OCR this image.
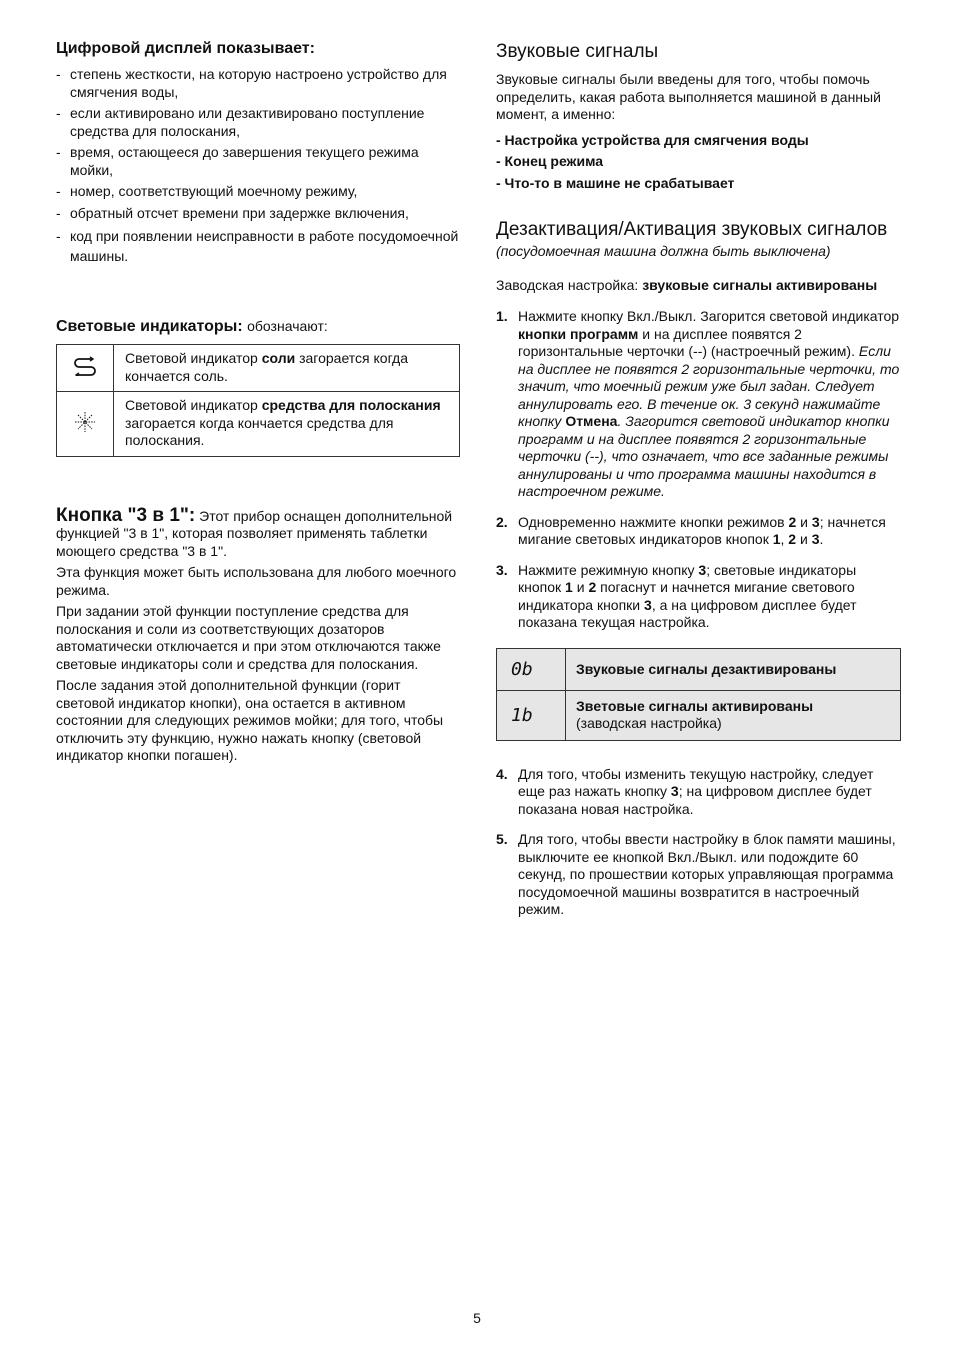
Цифровой дисплей показывает:
- степень жесткости, на которую настроено устройство для смягчения воды,
- если активировано или дезактивировано поступление средства для полоскания,
- время, остающееся до завершения текущего режима мойки,
- номер, соответствующий моечному режиму,
- обратный отсчет времени при задержке включения,
- код при появлении неисправности в работе посудомоечной машины.
Световые индикаторы: обозначают:
	Световой индикатор соли загорается когда кончается соль.
	Световой индикатор средства для полоскания загорается когда кончается средства для полоскания.

Кнопка "3 в 1": Этот прибор оснащен дополнительной функцией "3 в 1", которая позволяет применять таблетки моющего средства "3 в 1".

Эта функция может быть использована для любого моечного режима.

При задании этой функции поступление средства для полоскания и соли из соответствующих дозаторов автоматически отключается и при этом отключаются также световые индикаторы соли и средства для полоскания.

После задания этой дополнительной функции (горит световой индикатор кнопки), она остается в активном состоянии для следующих режимов мойки; для того, чтобы отключить эту функцию, нужно нажать кнопку (световой индикатор кнопки погашен).

Звуковые сигналы

Звуковые сигналы были введены для того, чтобы помочь определить, какая работа выполняется машиной в данный момент, а именно:

- Настройка устройства для смягчения воды

- Конец режима

- Что-то в машине не срабатывает

Дезактивация/Активация звуковых сигналов

(посудомоечная машина должна быть выключена)

Заводская настройка: звуковые сигналы активированы

1. Нажмите кнопку Вкл./Выкл. Загорится световой индикатор кнопки программ и на дисплее появятся 2 горизонтальные черточки (--) (настроечный режим). Если на дисплее не появятся 2 горизонтальные черточки, то значит, что моечный режим уже был задан. Следует аннулировать его. В течение ок. 3 секунд нажимайте кнопку Отмена. Загорится световой индикатор кнопки программ и на дисплее появятся 2 горизонтальные черточки (--), что означает, что все заданные режимы аннулированы и что программа машины находится в настроечном режиме.
2. Одновременно нажмите кнопки режимов 2 и 3; начнется мигание световых индикаторов кнопок 1, 2 и 3.
3. Нажмите режимную кнопку 3; световые индикаторы кнопок 1 и 2 погаснут и начнется мигание светового индикатора кнопки 3, а на цифровом дисплее будет показана текущая настройка.
0b	Звуковые сигналы дезактивированы
1b	Звeтовые сигналы активированы
(заводская настройка)
4. Для того, чтобы изменить текущую настройку, следует еще раз нажать кнопку 3; на цифровом дисплее будет показана новая настройка.
5. Для того, чтобы ввести настройку в блок памяти машины, выключите ее кнопкой Вкл./Выкл. или подождите 60 секунд, по прошествии которых управляющая программа посудомоечной машины возвратится в настроечный режим.
5
